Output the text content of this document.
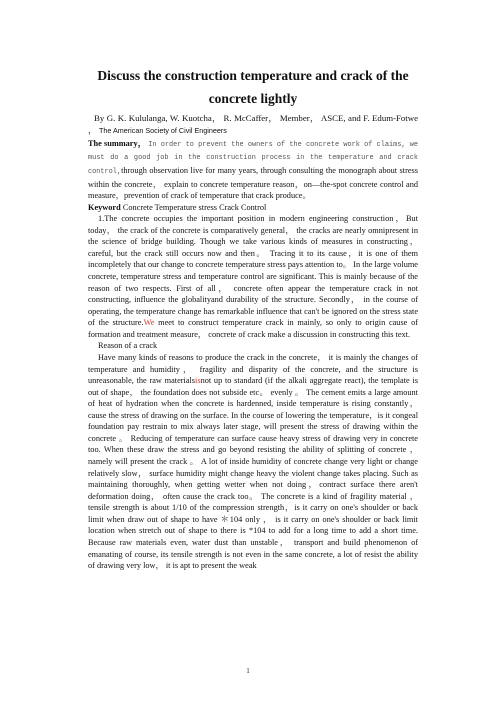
Discuss the construction temperature and crack of the
concrete lightly

By G. K. Kululanga, W. Kuotcha， R. McCaffer， Member， ASCE, and F. Edum-Fotwe ， The American Society of Civil Engineers

The summary， In order to prevent the owners of the concrete work of claims, we must do a good job in the construction process in the temperature and crack control,through observation live for many years, through consulting the monograph about stress within the concrete， explain to concrete temperature reason，on—the-spot concrete control and measure，prevention of crack of temperature that crack produce。

Keyword Concrete Temperature stress Crack Control

1.The concrete occupies the important position in modern engineering construction，But today， the crack of the concrete is comparatively general， the cracks are nearly omnipresent in the science of bridge building. Though we take various kinds of measures in constructing， careful, but the crack still occurs now and then。 Tracing it to its cause，it is one of them incompletely that our change to concrete temperature stress pays attention to。 In the large volume concrete, temperature stress and temperature control are significant. This is mainly because of the reason of two respects. First of all， concrete often appear the temperature crack in not constructing, influence the globalityand durability of the structure. Secondly， in the course of operating, the temperature change has remarkable influence that can't be ignored on the stress state of the structure.We meet to construct temperature crack in mainly, so only to origin cause of formation and treatment measure， concrete of crack make a discussion in constructing this text.

Reason of a crack

Have many kinds of reasons to produce the crack in the concrete， it is mainly the changes of temperature and humidity， fragility and disparity of the concrete, and the structure is unreasonable, the raw materialsisnot up to standard (if the alkali aggregate react), the template is out of shape， the foundation does not subside etc。 evenly 。 The cement emits a large amount of heat of hydration when the concrete is hardenned, inside temperature is rising constantly， cause the stress of drawing on the surface. In the course of lowering the temperature，is it congeal foundation pay restrain to mix always later stage, will present the stress of drawing within the concrete 。 Reducing of temperature can surface cause heavy stress of drawing very in concrete too. When these draw the stress and go beyond resisting the ability of splitting of concrete ， namely will present the crack 。 A lot of inside humidity of concrete change very light or change relatively slow， surface humidity might change heavy the violent change takes placing. Such as maintaining thoroughly, when getting wetter when not doing，contract surface there aren't deformation doing， often cause the crack too。 The concrete is a kind of fragility material ， tensile strength is about 1/10 of the compression strength，is it carry on one's shoulder or back limit when draw out of shape to have ＊104 only ， is it carry on one's shoulder or back limit location when stretch out of shape to there is *104 to add for a long time to add a short time. Because raw materials even, water dust than unstable， transport and build phenomenon of emanating of course, its tensile strength is not even in the same concrete, a lot of resist the ability of drawing very low， it is apt to present the weak

1
